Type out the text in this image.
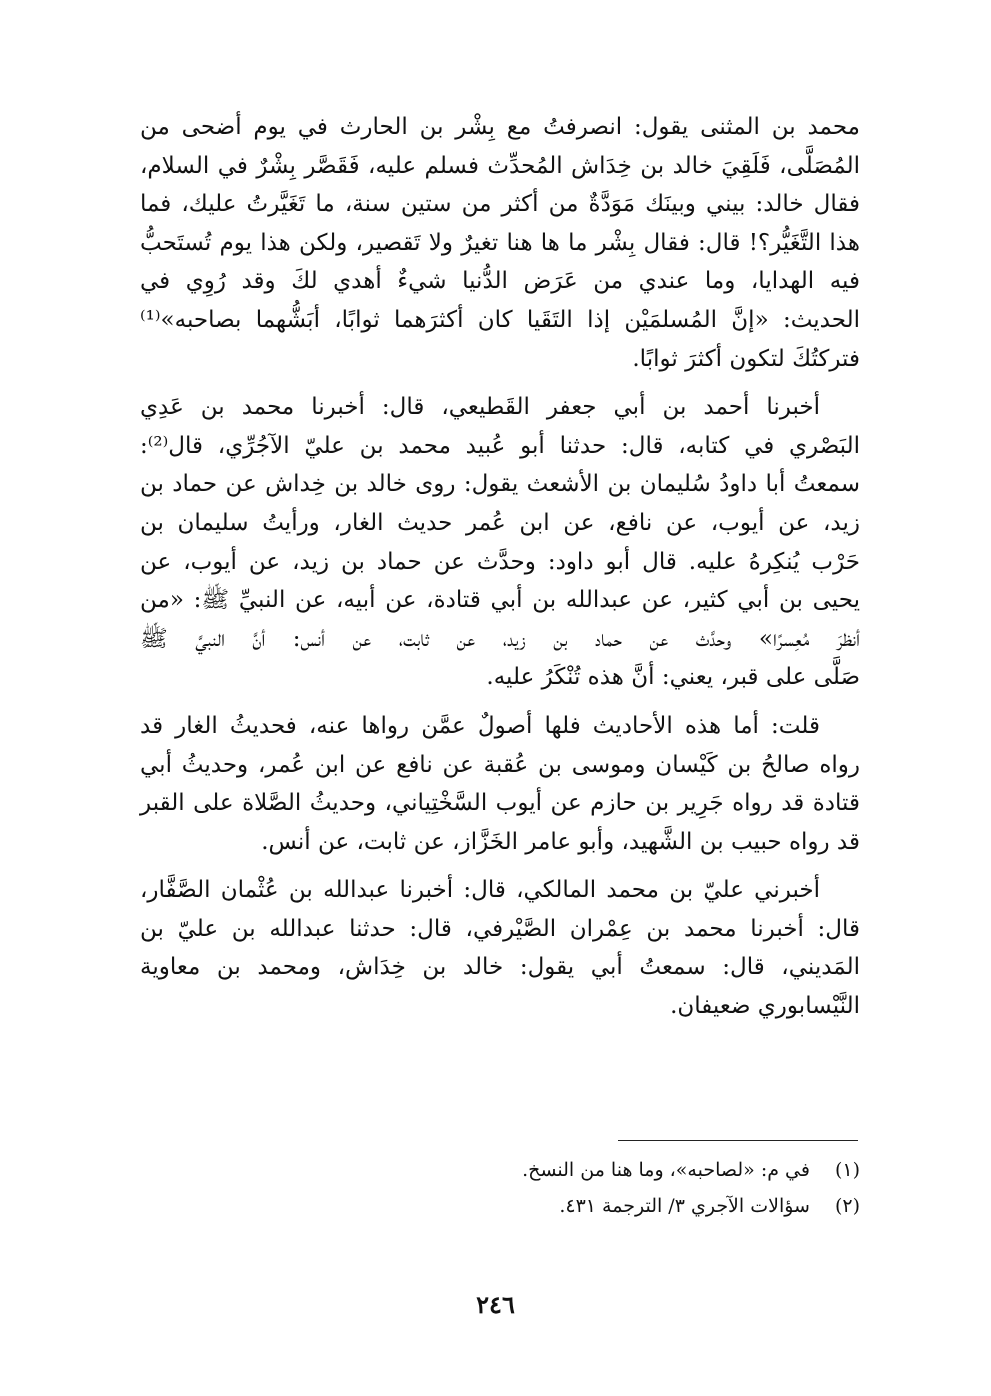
محمد بن المثنى يقول: انصرفتُ مع بِشْر بن الحارث في يوم أضحى من
المُصَلَّى، فَلَقِيَ خالد بن خِدَاش المُحدِّث فسلم عليه، فَقَصَّر بِشْرٌ في السلام،
فقال خالد: بيني وبينَك مَوَدَّةٌ من أكثر من ستين سنة، ما تَغَيَّرتُ عليك، فما
هذا التَّغَيُّر؟! قال: فقال بِشْر ما ها هنا تغيرٌ ولا تَقصير، ولكن هذا يوم تُستَحبُّ
فيه الهدايا، وما عندي من عَرَض الدُّنيا شيءٌ أهدي لكَ وقد رُوِي في
الحديث: «إنَّ المُسلمَيْن إذا التَقَيا كان أكثرَهما ثوابًا، أبَشُّهما بصاحبه»⁽¹⁾
فتركتُكَ لتكون أكثرَ ثوابًا.

أخبرنا أحمد بن أبي جعفر القَطيعي، قال: أخبرنا محمد بن عَدِي
البَصْري في كتابه، قال: حدثنا أبو عُبيد محمد بن عليّ الآجُرِّي، قال⁽²⁾:
سمعتُ أبا داودُ سُليمان بن الأشعث يقول: روى خالد بن خِداش عن حماد بن
زيد، عن أيوب، عن نافع، عن ابن عُمر حديث الغار، ورأيتُ سليمان بن
حَرْب يُنكِرهُ عليه. قال أبو داود: وحدَّث عن حماد بن زيد، عن أيوب، عن
يحيى بن أبي كثير، عن عبدالله بن أبي قتادة، عن أبيه، عن النبيِّ ﷺ: «من
أنظرَ مُعِسرًا» وحدَّث عن حماد بن زيد، عن ثابت، عن أنس: أنَّ النبيَّ ﷺ
صَلَّى على قبر، يعني: أنَّ هذه تُنْكَرُ عليه.

قلت: أما هذه الأحاديث فلها أصولٌ عمَّن رواها عنه، فحديثُ الغار قد
رواه صالحُ بن كَيْسان وموسى بن عُقبة عن نافع عن ابن عُمر، وحديثُ أبي
قتادة قد رواه جَرِير بن حازم عن أيوب السَّخْتِياني، وحديثُ الصَّلاة على القبر
قد رواه حبيب بن الشَّهيد، وأبو عامر الخَزَّاز، عن ثابت، عن أنس.

أخبرني عليّ بن محمد المالكي، قال: أخبرنا عبدالله بن عُثْمان الصَّفَّار،
قال: أخبرنا محمد بن عِمْران الصَّيْرفي، قال: حدثنا عبدالله بن عليّ بن
المَديني، قال: سمعتُ أبي يقول: خالد بن خِدَاش، ومحمد بن معاوية
النَّيْسابوري ضعيفان.

(١) في م: «لصاحبه»، وما هنا من النسخ.
(٢) سؤالات الآجري ٣/ الترجمة ٤٣١.
٢٤٦
